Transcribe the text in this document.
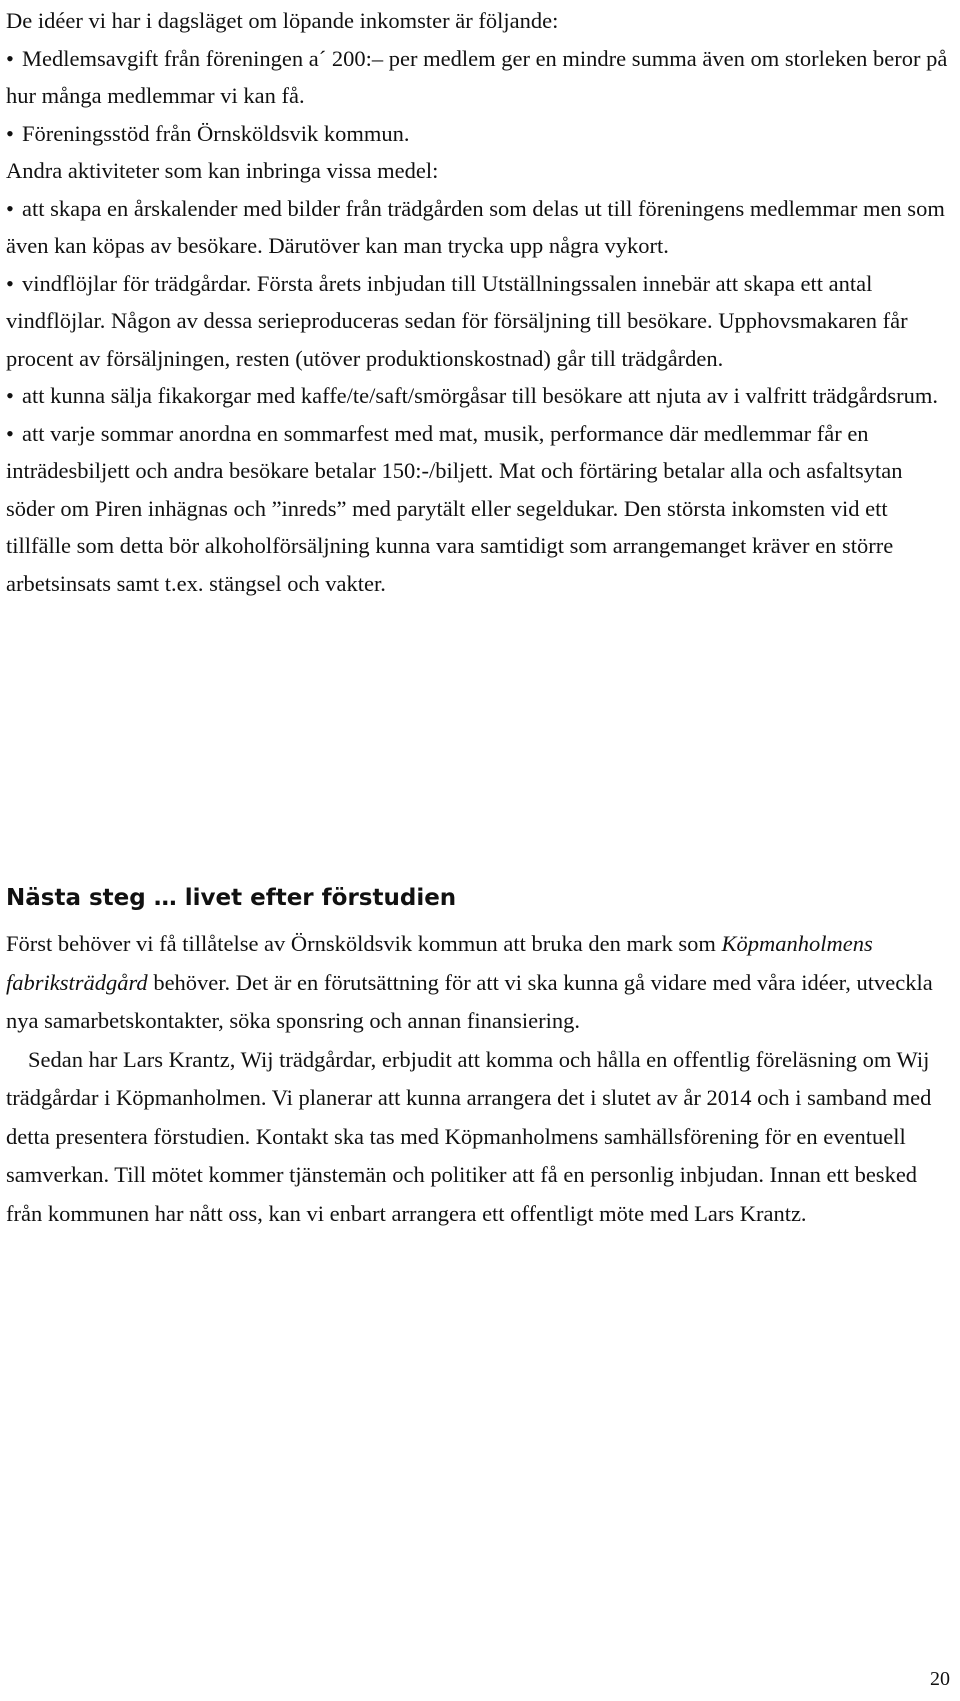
De idéer vi har i dagsläget om löpande inkomster är följande:

• Medlemsavgift från föreningen a´ 200:– per medlem ger en mindre summa även om storleken beror på hur många medlemmar vi kan få.

• Föreningsstöd från Örnsköldsvik kommun.

Andra aktiviteter som kan inbringa vissa medel:

• att skapa en årskalender med bilder från trädgården som delas ut till föreningens medlemmar men som även kan köpas av besökare. Därutöver kan man trycka upp några vykort.

• vindflöjlar för trädgårdar. Första årets inbjudan till Utställningssalen innebär att skapa ett antal vindflöjlar. Någon av dessa serieproduceras sedan för försäljning till besökare. Upphovsmakaren får procent av försäljningen, resten (utöver produktionskostnad) går till trädgården.

• att kunna sälja fikakorgar med kaffe/te/saft/smörgåsar till besökare att njuta av i valfritt trädgårdsrum.

• att varje sommar anordna en sommarfest med mat, musik, performance där medlemmar får en inträdesbiljett och andra besökare betalar 150:-/biljett. Mat och förtäring betalar alla och asfaltsytan söder om Piren inhägnas och ”inreds” med parytält eller segeldukar. Den största inkomsten vid ett tillfälle som detta bör alkoholförsäljning kunna vara samtidigt som arrangemanget kräver en större arbetsinsats samt t.ex. stängsel och vakter.

Nästa steg … livet efter förstudien

Först behöver vi få tillåtelse av Örnsköldsvik kommun att bruka den mark som Köpmanholmens fabriksträdgård behöver. Det är en förutsättning för att vi ska kunna gå vidare med våra idéer, utveckla nya samarbetskontakter, söka sponsring och annan finansiering.

Sedan har Lars Krantz, Wij trädgårdar, erbjudit att komma och hålla en offentlig föreläsning om Wij trädgårdar i Köpmanholmen. Vi planerar att kunna arrangera det i slutet av år 2014 och i samband med detta presentera förstudien. Kontakt ska tas med Köpmanholmens samhällsförening för en eventuell samverkan. Till mötet kommer tjänstemän och politiker att få en personlig inbjudan. Innan ett besked från kommunen har nått oss, kan vi enbart arrangera ett offentligt möte med Lars Krantz.

20
